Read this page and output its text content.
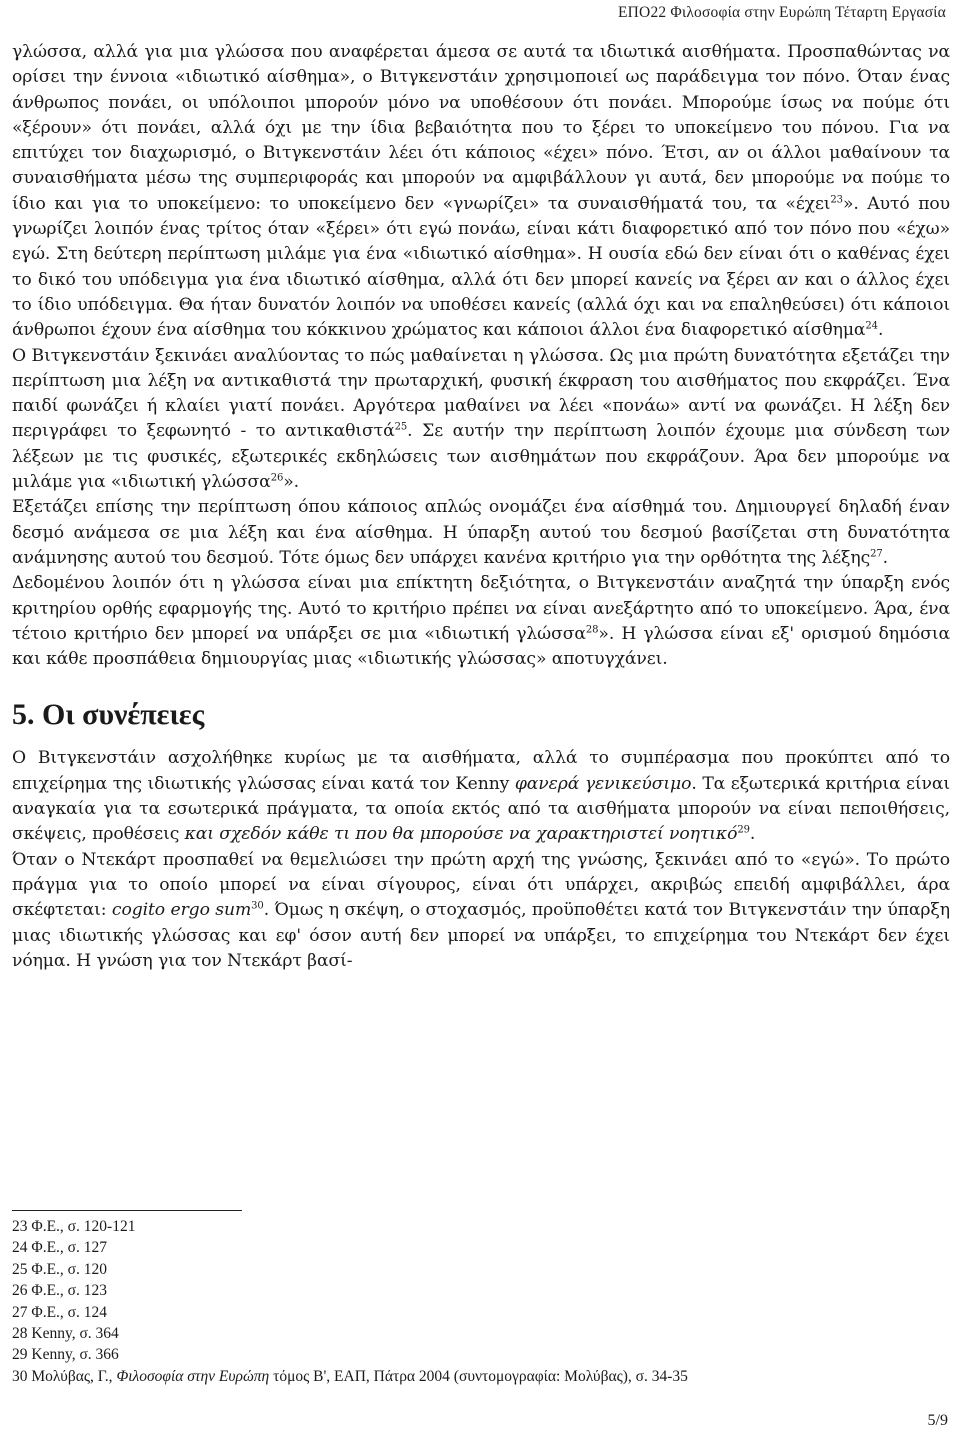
ΕΠΟ22 Φιλοσοφία στην Ευρώπη Τέταρτη Εργασία

γλώσσα, αλλά για μια γλώσσα που αναφέρεται άμεσα σε αυτά τα ιδιωτικά αισθήματα. Προσπαθώντας να ορίσει την έννοια «ιδιωτικό αίσθημα», ο Βιτγκενστάιν χρησιμοποιεί ως παράδειγμα τον πόνο. Όταν ένας άνθρωπος πονάει, οι υπόλοιποι μπορούν μόνο να υποθέσουν ότι πονάει. Μπορούμε ίσως να πούμε ότι «ξέρουν» ότι πονάει, αλλά όχι με την ίδια βεβαιότητα που το ξέρει το υποκείμενο του πόνου. Για να επιτύχει τον διαχωρισμό, ο Βιτγκενστάιν λέει ότι κάποιος «έχει» πόνο. Έτσι, αν οι άλλοι μαθαίνουν τα συναισθήματα μέσω της συμπεριφοράς και μπορούν να αμφιβάλλουν γι αυτά, δεν μπορούμε να πούμε το ίδιο και για το υποκείμενο: το υποκείμενο δεν «γνωρίζει» τα συναισθήματά του, τα «έχει$^{23}$». Αυτό που γνωρίζει λοιπόν ένας τρίτος όταν «ξέρει» ότι εγώ πονάω, είναι κάτι διαφορετικό από τον πόνο που «έχω» εγώ. Στη δεύτερη περίπτωση μιλάμε για ένα «ιδιωτικό αίσθημα». Η ουσία εδώ δεν είναι ότι ο καθένας έχει το δικό του υπόδειγμα για ένα ιδιωτικό αίσθημα, αλλά ότι δεν μπορεί κανείς να ξέρει αν και ο άλλος έχει το ίδιο υπόδειγμα. Θα ήταν δυνατόν λοιπόν να υποθέσει κανείς (αλλά όχι και να επαληθεύσει) ότι κάποιοι άνθρωποι έχουν ένα αίσθημα του κόκκινου χρώματος και κάποιοι άλλοι ένα διαφορετικό αίσθημα$^{24}$.

Ο Βιτγκενστάιν ξεκινάει αναλύοντας το πώς μαθαίνεται η γλώσσα. Ως μια πρώτη δυνατότητα εξετάζει την περίπτωση μια λέξη να αντικαθιστά την πρωταρχική, φυσική έκφραση του αισθήματος που εκφράζει. Ένα παιδί φωνάζει ή κλαίει γιατί πονάει. Αργότερα μαθαίνει να λέει «πονάω» αντί να φωνάζει. Η λέξη δεν περιγράφει το ξεφωνητό - το αντικαθιστά$^{25}$. Σε αυτήν την περίπτωση λοιπόν έχουμε μια σύνδεση των λέξεων με τις φυσικές, εξωτερικές εκδηλώσεις των αισθημάτων που εκφράζουν. Άρα δεν μπορούμε να μιλάμε για «ιδιωτική γλώσσα$^{26}$».

Εξετάζει επίσης την περίπτωση όπου κάποιος απλώς ονομάζει ένα αίσθημά του. Δημιουργεί δηλαδή έναν δεσμό ανάμεσα σε μια λέξη και ένα αίσθημα. Η ύπαρξη αυτού του δεσμού βασίζεται στη δυνατότητα ανάμνησης αυτού του δεσμού. Τότε όμως δεν υπάρχει κανένα κριτήριο για την ορθότητα της λέξης$^{27}$.

Δεδομένου λοιπόν ότι η γλώσσα είναι μια επίκτητη δεξιότητα, ο Βιτγκενστάιν αναζητά την ύπαρξη ενός κριτηρίου ορθής εφαρμογής της. Αυτό το κριτήριο πρέπει να είναι ανεξάρτητο από το υποκείμενο. Άρα, ένα τέτοιο κριτήριο δεν μπορεί να υπάρξει σε μια «ιδιωτική γλώσσα$^{28}$». Η γλώσσα είναι εξ' ορισμού δημόσια και κάθε προσπάθεια δημιουργίας μιας «ιδιωτικής γλώσσας» αποτυγχάνει.

5. Οι συνέπειες

Ο Βιτγκενστάιν ασχολήθηκε κυρίως με τα αισθήματα, αλλά το συμπέρασμα που προκύπτει από το επιχείρημα της ιδιωτικής γλώσσας είναι κατά τον Kenny φανερά γενικεύσιμο. Τα εξωτερικά κριτήρια είναι αναγκαία για τα εσωτερικά πράγματα, τα οποία εκτός από τα αισθήματα μπορούν να είναι πεποιθήσεις, σκέψεις, προθέσεις και σχεδόν κάθε τι που θα μπορούσε να χαρακτηριστεί νοητικό$^{29}$.

Όταν ο Ντεκάρτ προσπαθεί να θεμελιώσει την πρώτη αρχή της γνώσης, ξεκινάει από το «εγώ». Το πρώτο πράγμα για το οποίο μπορεί να είναι σίγουρος, είναι ότι υπάρχει, ακριβώς επειδή αμφιβάλλει, άρα σκέφτεται: cogito ergo sum$^{30}$. Όμως η σκέψη, ο στοχασμός, προϋποθέτει κατά τον Βιτγκενστάιν την ύπαρξη μιας ιδιωτικής γλώσσας και εφ' όσον αυτή δεν μπορεί να υπάρξει, το επιχείρημα του Ντεκάρτ δεν έχει νόημα. Η γνώση για τον Ντεκάρτ βασί-

23 Φ.Ε., σ. 120-121
24 Φ.Ε., σ. 127
25 Φ.Ε., σ. 120
26 Φ.Ε., σ. 123
27 Φ.Ε., σ. 124
28 Kenny, σ. 364
29 Kenny, σ. 366
30 Μολύβας, Γ., Φιλοσοφία στην Ευρώπη τόμος Β', ΕΑΠ, Πάτρα 2004 (συντομογραφία: Μολύβας), σ. 34-35
5/9
